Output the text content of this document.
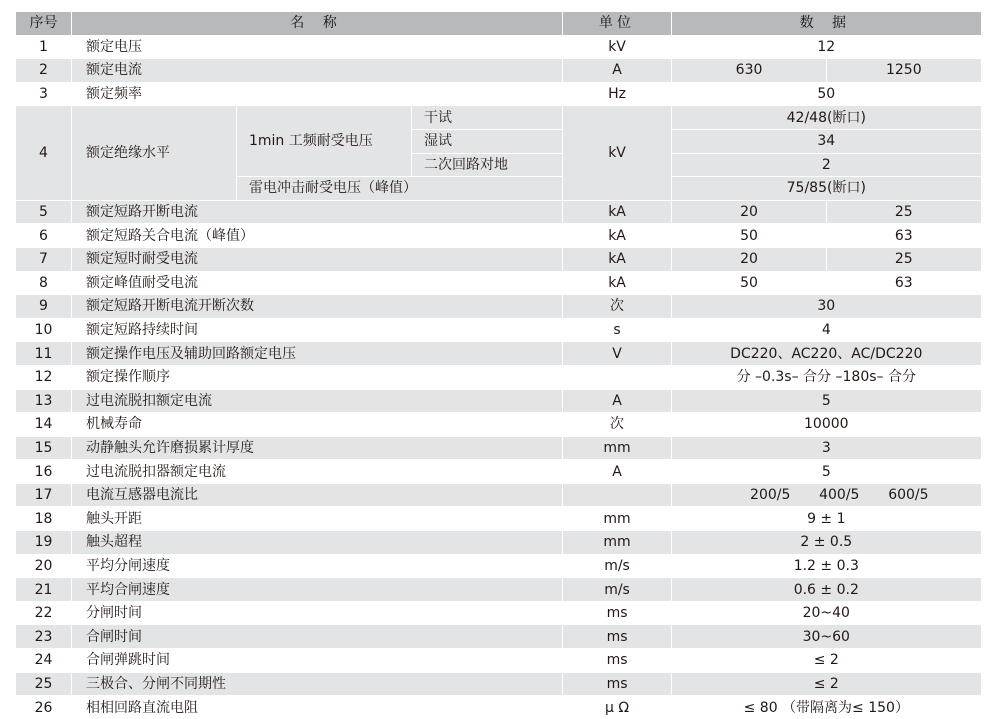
序号	名 称			单位	数 据	
1	额定电压			kV	12	
2	额定电流			A	630	1250
3	额定频率			Hz	50	
4	额定绝缘水平	1min 工频耐受电压	干试	kV	42/48(断口)	
			湿试		34	
			二次回路对地		2	
		雷电冲击耐受电压（峰值）			75/85(断口)	
5	额定短路开断电流			kA	20	25
6	额定短路关合电流（峰值）			kA	50	63
7	额定短时耐受电流			kA	20	25
8	额定峰值耐受电流			kA	50	63
9	额定短路开断电流开断次数			次	30	
10	额定短路持续时间			s	4	
11	额定操作电压及辅助回路额定电压			V	DC220、AC220、AC/DC220	
12	额定操作顺序				分 –0.3s– 合分 –180s– 合分	
13	过电流脱扣额定电流			A	5	
14	机械寿命			次	10000	
15	动静触头允许磨损累计厚度			mm	3	
16	过电流脱扣器额定电流			A	5	
17	电流互感器电流比				200/5 400/5 600/5	

18	触头开距			mm	9 ± 1	
19	触头超程			mm	2 ± 0.5	
20	平均分闸速度			m/s	1.2 ± 0.3	
21	平均合闸速度			m/s	0.6 ± 0.2	
22	分闸时间			ms	20~40	
23	合闸时间			ms	30~60	
24	合闸弹跳时间			ms	≤ 2	
25	三极合、分闸不同期性			ms	≤ 2	
26	相相回路直流电阻			μ Ω	≤ 80 （带隔离为≤ 150）	
